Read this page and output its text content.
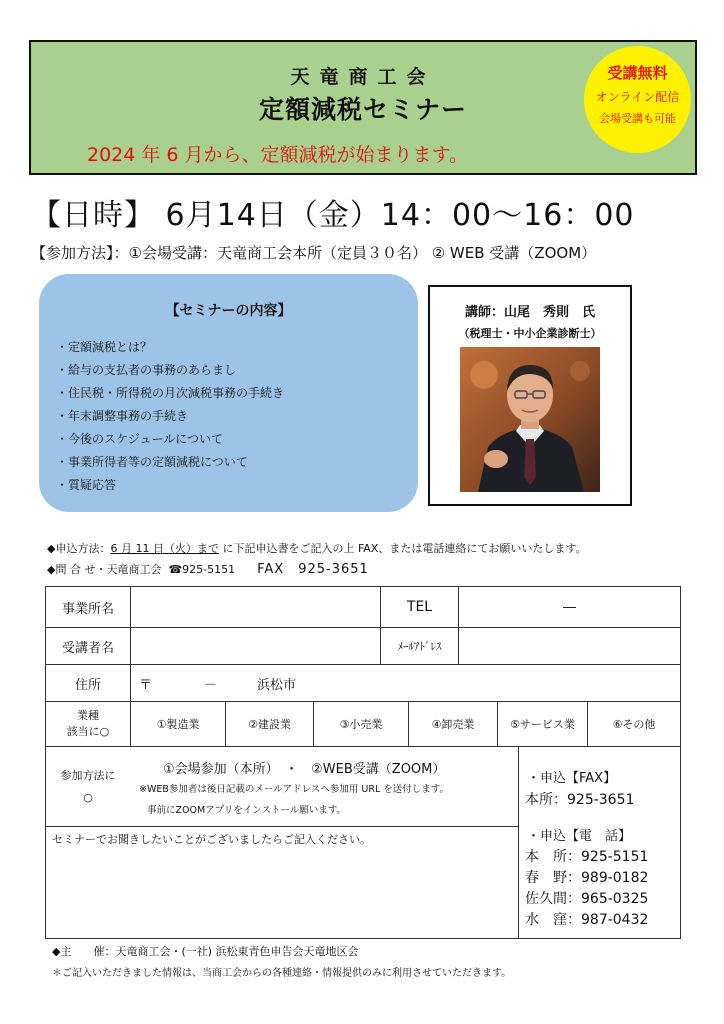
天竜商工会
定額減税セミナー
2024 年 6 月から、定額減税が始まります。
受講無料
オンライン配信
会場受講も可能
【日時】 6月14日（金）14：00～16：00
【参加方法】：①会場受講：天竜商工会本所（定員３０名） ② WEB 受講（ZOOM）
【セミナーの内容】
・定額減税とは？
・給与の支払者の事務のあらまし
・住民税・所得税の月次減税事務の手続き
・年末調整事務の手続き
・今後のスケジュールについて
・事業所得者等の定額減税について
・質疑応答
講師：山尾　秀則　氏
（税理士・中小企業診断士）
◆申込方法：6 月 11 日（火）まで に下記申込書をご記入の上 FAX、または電話連絡にてお願いいたします。
◆問 合 せ・天竜商工会 ☎925-5151 FAX　925-3651
事業所名	TEL	―
受講者名	ﾒｰﾙｱﾄﾞﾚｽ
住所	〒	－	浜松市
業種
該当に○
①製造業	②建設業	③小売業	④卸売業	⑤サービス業	⑥その他
参加方法に
○
①会場参加（本所）　・　②WEB受講（ZOOM）
※WEB参加者は後日記載のメールアドレスへ参加用 URL を送付します。
事前にZOOMアプリをインストール願います。
セミナーでお聞きしたいことがございましたらご記入ください。
・申込【FAX】
本所：925-3651
・申込【電　話】
本　所：925-5151
春　野：989-0182
佐久間：965-0325
水　窪：987-0432
◆主　　催：天竜商工会・(一社) 浜松東青色申告会天竜地区会
＊ご記入いただきました情報は、当商工会からの各種連絡・情報提供のみに利用させていただきます。
